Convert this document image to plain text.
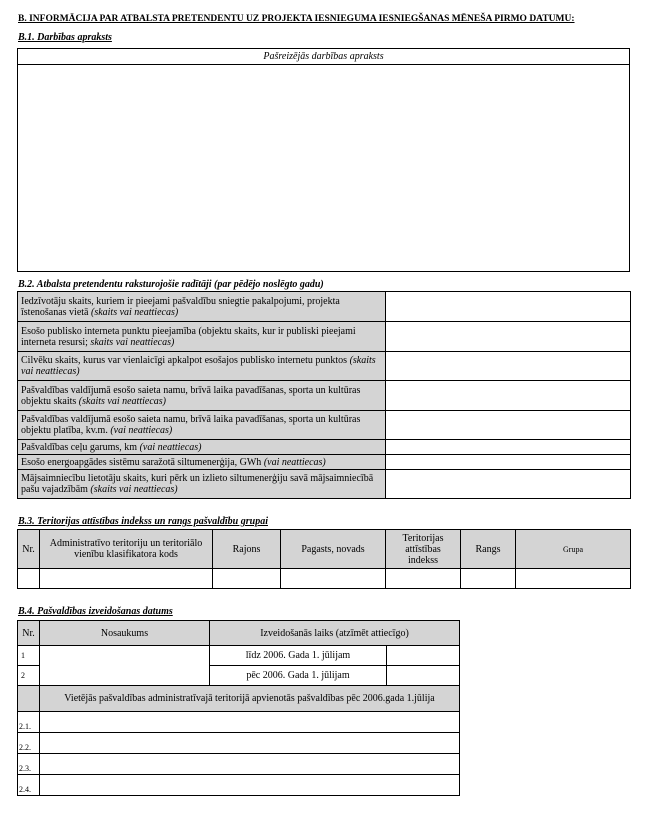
B. INFORMĀCIJA PAR ATBALSTA PRETENDENTU UZ PROJEKTA IESNIEGUMA IESNIEGŠANAS MĒNEŠA PIRMO DATUMU:
B.1. Darbības apraksts
Pašreizējās darbības apraksts
B.2. Atbalsta pretendentu raksturojošie radītāji (par pēdējo noslēgto gadu)
Iedzīvotāju skaits, kuriem ir pieejami pašvaldību sniegtie pakalpojumi, projekta īstenošanas vietā (skaits vai neattiecas)	
Esošo publisko interneta punktu pieejamība (objektu skaits, kur ir publiski pieejami interneta resursi; skaits vai neattiecas)	
Cilvēku skaits, kurus var vienlaicīgi apkalpot esošajos publisko internetu punktos (skaits vai neattiecas)	
Pašvaldības valdījumā esošo saieta namu, brīvā laika pavadīšanas, sporta un kultūras objektu skaits (skaits vai neattiecas)	
Pašvaldības valdījumā esošo saieta namu, brīvā laika pavadīšanas, sporta un kultūras objektu platība, kv.m. (vai neattiecas)	
Pašvaldības ceļu garums, km (vai neattiecas)	
Esošo energoapgādes sistēmu saražotā siltumenerģija, GWh (vai neattiecas)	
Mājsaimniecību lietotāju skaits, kuri pērk un izlieto siltumenerģiju savā mājsaimniecībā pašu vajadzībām (skaits vai neattiecas)	
B.3. Teritorijas attīstības indekss un rangs pašvaldību grupai
Nr.	Administratīvo teritoriju un teritoriālo vienību klasifikatora kods	Rajons	Pagasts, novads	Teritorijas attīstības indekss	Rangs	Grupa

B.4. Pašvaldības izveidošanas datums
Nr.	Nosaukums	Izveidošanās laiks (atzīmēt attiecīgo)	
1		līdz 2006. Gada 1. jūlijam	
2		pēc 2006. Gada 1. jūlijam	
	Vietējās pašvaldības administratīvajā teritorijā apvienotās pašvaldības pēc 2006.gada 1.jūlija		
2.1.			
2.2.			
2.3.			
2.4.			
